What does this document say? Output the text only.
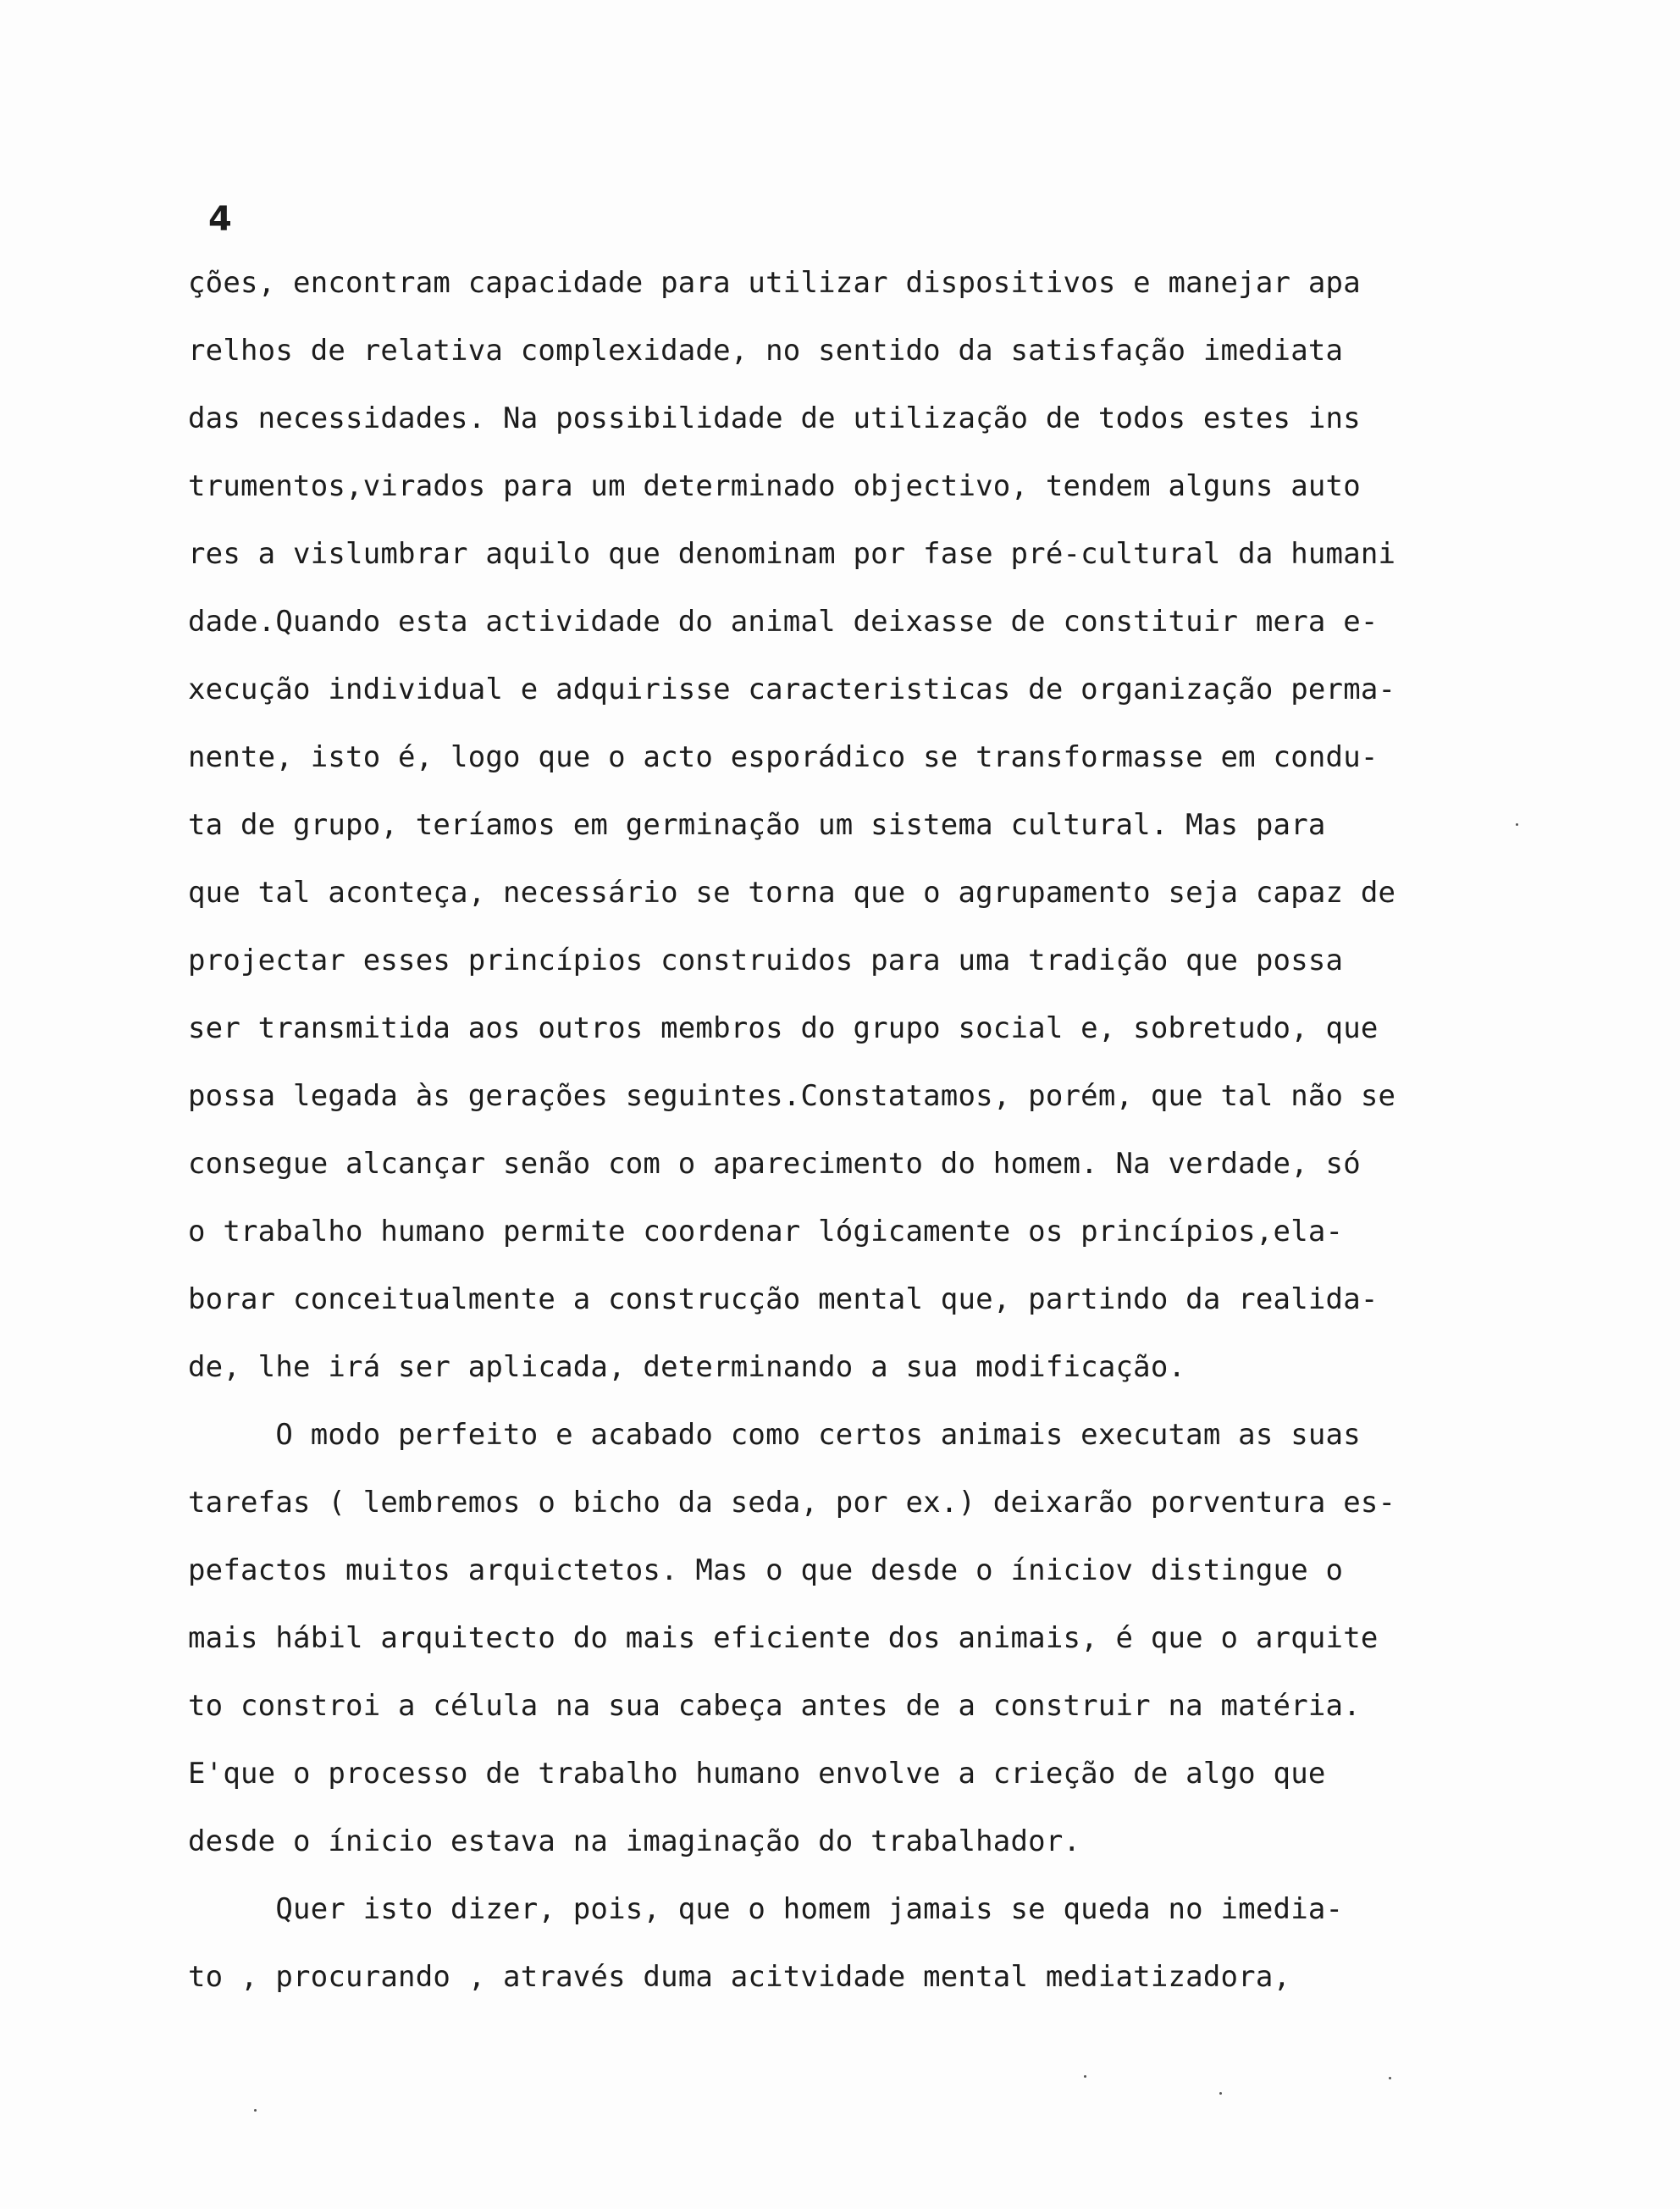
4
ções, encontram capacidade para utilizar dispositivos e manejar apa
relhos de relativa complexidade, no sentido da satisfação imediata
das necessidades. Na possibilidade de utilização de todos estes ins
trumentos,virados para um determinado objectivo, tendem alguns auto
res a vislumbrar aquilo que denominam por fase pré-cultural da humani
dade.Quando esta actividade do animal deixasse de constituir mera e-
xecução individual e adquirisse caracteristicas de organização perma-
nente, isto é, logo que o acto esporádico se transformasse em condu-
ta de grupo, teríamos em germinação um sistema cultural. Mas para
que tal aconteça, necessário se torna que o agrupamento seja capaz de
projectar esses princípios construidos para uma tradição que possa
ser transmitida aos outros membros do grupo social e, sobretudo, que
possa legada às gerações seguintes.Constatamos, porém, que tal não se
consegue alcançar senão com o aparecimento do homem. Na verdade, só
o trabalho humano permite coordenar lógicamente os princípios,ela-
borar conceitualmente a construcção mental que, partindo da realida-
de, lhe irá ser aplicada, determinando a sua modificação.
O modo perfeito e acabado como certos animais executam as suas
tarefas ( lembremos o bicho da seda, por ex.) deixarão porventura es-
pefactos muitos arquictetos. Mas o que desde o íniciov distingue o
mais hábil arquitecto do mais eficiente dos animais, é que o arquite
to constroi a célula na sua cabeça antes de a construir na matéria.
E'que o processo de trabalho humano envolve a crieção de algo que
desde o ínicio estava na imaginação do trabalhador.
Quer isto dizer, pois, que o homem jamais se queda no imedia-
to , procurando , através duma acitvidade mental mediatizadora,
